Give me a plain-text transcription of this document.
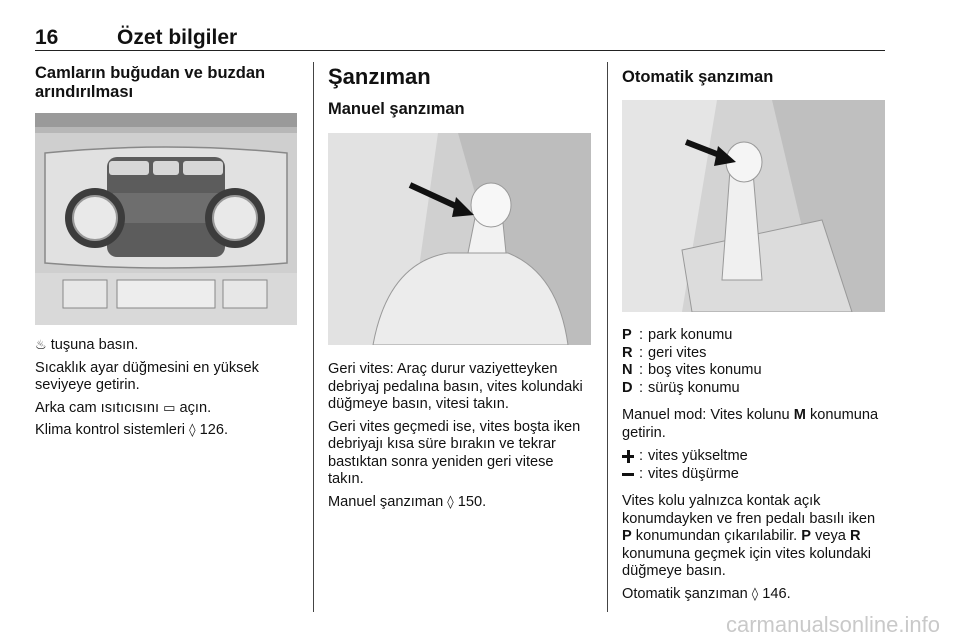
16	Özet bilgiler
Camların buğudan ve buzdan arındırılması

♨ tuşuna basın.

Sıcaklık ayar düğmesini en yüksek seviyeye getirin.

Arka cam ısıtıcısını ▭ açın.

Klima kontrol sistemleri ◊ 126.

Şanzıman
Manuel şanzıman

Geri vites: Araç durur vaziyetteyken debriyaj pedalına basın, vites kolundaki düğmeye basın, vitesi takın.

Geri vites geçmedi ise, vites boşta iken debriyajı kısa süre bırakın ve tekrar bastıktan sonra yeniden geri vitese takın.

Manuel şanzıman ◊ 150.

Otomatik şanzıman
P : park konumu
R : geri vites
N : boş vites konumu
D : sürüş konumu

Manuel mod: Vites kolunu M konumuna getirin.

: vites yükseltme
: vites düşürme

Vites kolu yalnızca kontak açık konumdayken ve fren pedalı basılı iken P konumundan çıkarılabilir. P veya R konumuna geçmek için vites kolundaki düğmeye basın.

Otomatik şanzıman ◊ 146.

carmanualsonline.info
